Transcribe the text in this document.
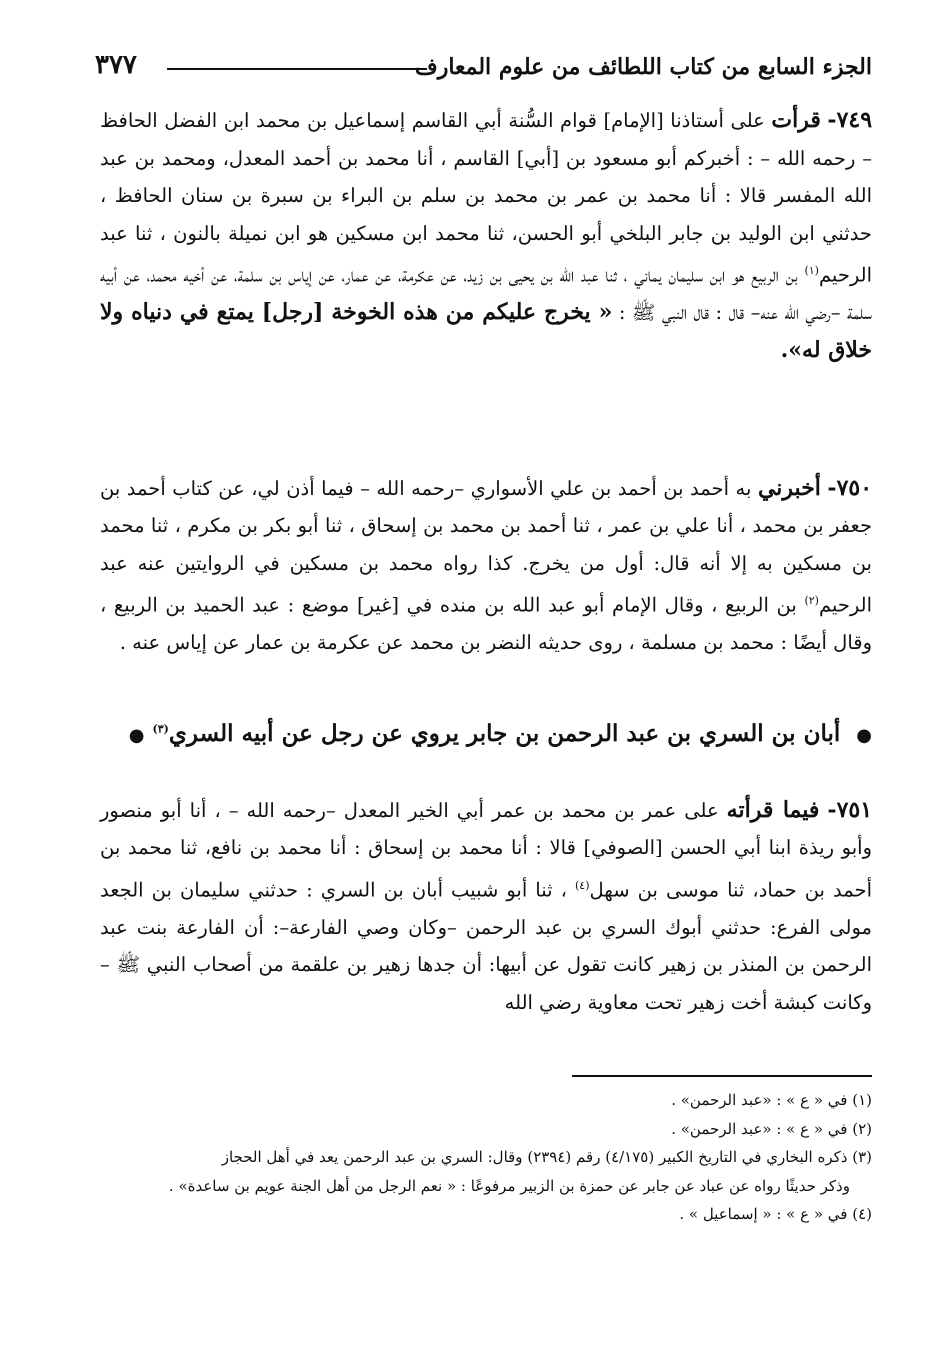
الجزء السابع من كتاب اللطائف من علوم المعارف
٣٧٧

٧٤٩- قرأت على أستاذنا [الإمام] قوام السُّنة أبي القاسم إسماعيل بن محمد ابن الفضل الحافظ – رحمه الله – : أخبركم أبو مسعود بن [أبي] القاسم ، أنا محمد بن أحمد المعدل، ومحمد بن عبد الله المفسر قالا : أنا محمد بن عمر بن محمد بن سلم بن البراء بن سبرة بن سنان الحافظ ، حدثني ابن الوليد بن جابر البلخي أبو الحسن، ثنا محمد ابن مسكين هو ابن نميلة بالنون ، ثنا عبد الرحيم$^{(١)}$ بن الربيع هو ابن سليمان يماني ، ثنا عبد الله بن يحيى بن زيد، عن عكرمة، عن عمار، عن إياس بن سلمة، عن أخيه محمد، عن أبيه سلمة –رضي الله عنه– قال : قال النبي ﷺ : « يخرج عليكم من هذه الخوخة [رجل] يمتع في دنياه ولا خلاق له».

٧٥٠- أخبرني به أحمد بن أحمد بن علي الأسواري –رحمه الله – فيما أذن لي، عن كتاب أحمد بن جعفر بن محمد ، أنا علي بن عمر ، ثنا أحمد بن محمد بن إسحاق ، ثنا أبو بكر بن مكرم ، ثنا محمد بن مسكين به إلا أنه قال: أول من يخرج. كذا رواه محمد بن مسكين في الروايتين عنه عبد الرحيم$^{(٢)}$ بن الربيع ، وقال الإمام أبو عبد الله بن منده في [غير] موضع : عبد الحميد بن الربيع ، وقال أيضًا : محمد بن مسلمة ، روى حديثه النضر بن محمد عن عكرمة بن عمار عن إياس عنه .

● أبان بن السري بن عبد الرحمن بن جابر يروي عن رجل عن أبيه السري$^{(٣)}$ ●

٧٥١- فيما قرأته على عمر بن محمد بن عمر أبي الخير المعدل –رحمه الله – ، أنا أبو منصور وأبو ريذة ابنا أبي الحسن [الصوفي] قالا : أنا محمد بن إسحاق : أنا محمد بن نافع، ثنا محمد بن أحمد بن حماد، ثنا موسى بن سهل$^{(٤)}$ ، ثنا أبو شبيب أبان بن السري : حدثني سليمان بن الجعد مولى الفرع: حدثني أبوك السري بن عبد الرحمن –وكان وصي الفارعة–: أن الفارعة بنت عبد الرحمن بن المنذر بن زهير كانت تقول عن أبيها: أن جدها زهير بن علقمة من أصحاب النبي ﷺ –وكانت كبشة أخت زهير تحت معاوية رضي الله

(١) في « ع » : «عبد الرحمن» .

(٢) في « ع » : «عبد الرحمن» .

(٣) ذكره البخاري في التاريخ الكبير (٤/١٧٥) رقم (٢٣٩٤) وقال: السري بن عبد الرحمن يعد في أهل الحجاز

وذكر حديثًا رواه عن عباد عن جابر عن حمزة بن الزبير مرفوعًا : « نعم الرجل من أهل الجنة عويم بن ساعدة» .

(٤) في « ع » : « إسماعيل » .
